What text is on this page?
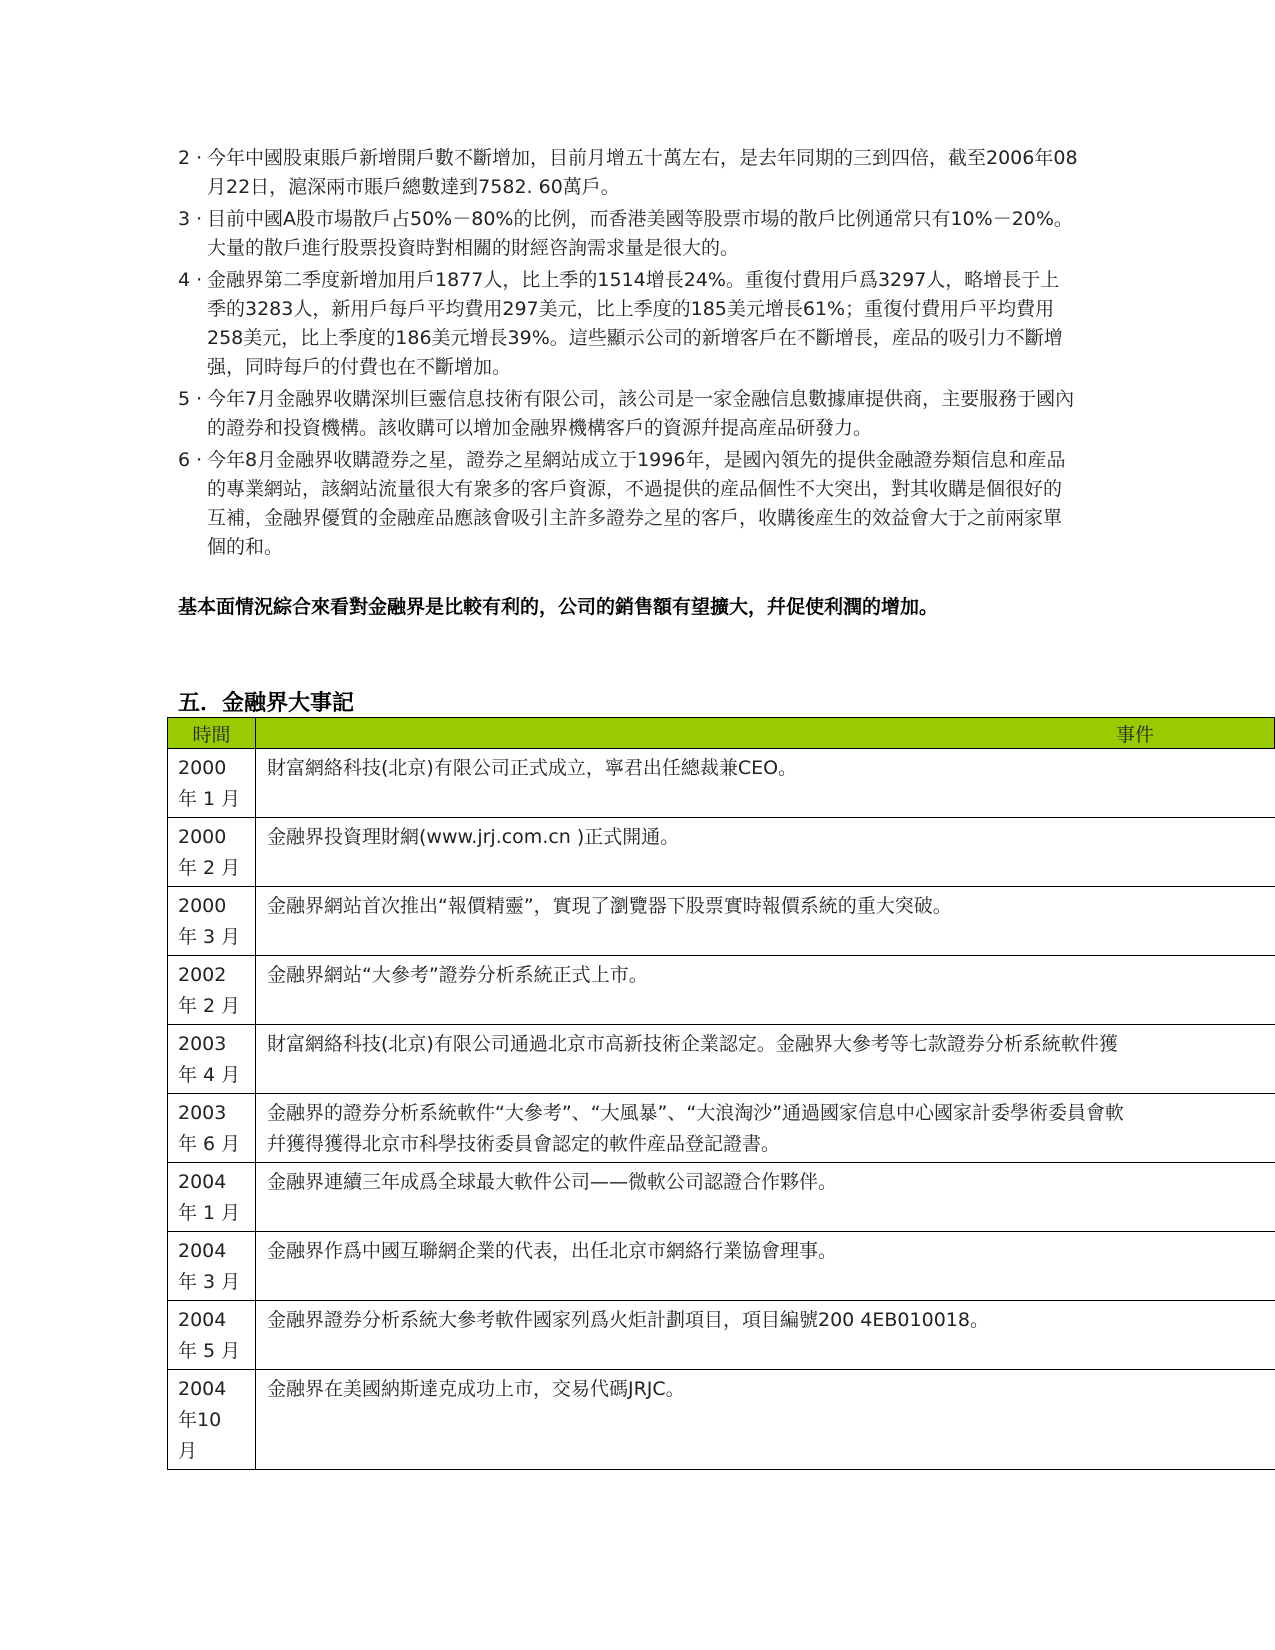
2 · 今年中國股東賬戶新增開戶數不斷增加，目前月增五十萬左右，是去年同期的三到四倍，截至2006年08月22日，滬深兩市賬戶總數達到7582. 60萬戶。
3 · 目前中國A股市場散戶占50%－80%的比例，而香港美國等股票市場的散戶比例通常只有10%－20%。大量的散戶進行股票投資時對相關的財經咨詢需求量是很大的。
4 · 金融界第二季度新增加用戶1877人，比上季的1514增長24%。重復付費用戶爲3297人，略增長于上季的3283人，新用戶每戶平均費用297美元，比上季度的185美元增長61%；重復付費用戶平均費用258美元，比上季度的186美元增長39%。這些顯示公司的新增客戶在不斷增長，産品的吸引力不斷增强，同時每戶的付費也在不斷增加。
5 · 今年7月金融界收購深圳巨靈信息技術有限公司，該公司是一家金融信息數據庫提供商，主要服務于國內的證券和投資機構。該收購可以增加金融界機構客戶的資源幷提高産品研發力。
6 · 今年8月金融界收購證券之星，證券之星網站成立于1996年，是國內領先的提供金融證券類信息和産品的專業網站，該網站流量很大有衆多的客戶資源，不過提供的産品個性不大突出，對其收購是個很好的互補，金融界優質的金融産品應該會吸引主許多證券之星的客戶，收購後産生的效益會大于之前兩家單個的和。

基本面情況綜合來看對金融界是比較有利的，公司的銷售額有望擴大，幷促使利潤的增加。

五．金融界大事記
時間	事件
2000
年 1 月	財富網絡科技(北京)有限公司正式成立，寧君出任總裁兼CEO。
2000
年 2 月	金融界投資理財網(www.jrj.com.cn )正式開通。
2000
年 3 月	金融界網站首次推出“報價精靈”，實現了瀏覽器下股票實時報價系統的重大突破。
2002
年 2 月	金融界網站“大參考”證券分析系統正式上市。
2003
年 4 月	財富網絡科技(北京)有限公司通過北京市高新技術企業認定。金融界大參考等七款證券分析系統軟件獲
2003
年 6 月	金融界的證券分析系統軟件“大參考”、“大風暴”、“大浪淘沙”通過國家信息中心國家計委學術委員會軟
幷獲得獲得北京市科學技術委員會認定的軟件産品登記證書。
2004
年 1 月	金融界連續三年成爲全球最大軟件公司——微軟公司認證合作夥伴。
2004
年 3 月	金融界作爲中國互聯網企業的代表，出任北京市網絡行業協會理事。
2004
年 5 月	金融界證券分析系統大參考軟件國家列爲火炬計劃項目，項目編號200 4EB010018。
2004
年10
月	金融界在美國納斯達克成功上市，交易代碼JRJC。
